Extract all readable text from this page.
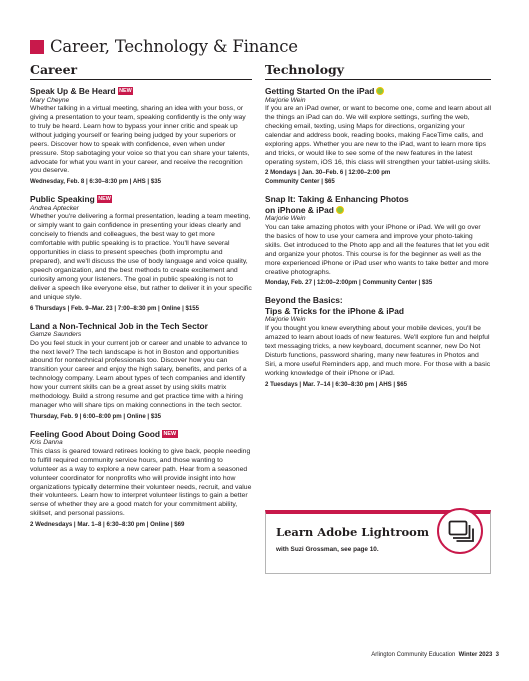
Career, Technology & Finance
Career
Speak Up & Be Heard NEW
Mary Cheyne
Whether talking in a virtual meeting, sharing an idea with your boss, or giving a presentation to your team, speaking confidently is the only way to truly be heard. Learn how to bypass your inner critic and speak up without judging yourself or fearing being judged by your superiors or peers. Discover how to speak with confidence, even when under pressure. Stop sabotaging your voice so that you can share your talents, advocate for what you want in your career, and receive the recognition you deserve.
Wednesday, Feb. 8 | 6:30–8:30 pm | AHS | $35
Public Speaking NEW
Andrea Aptecker
Whether you're delivering a formal presentation, leading a team meeting, or simply want to gain confidence in presenting your ideas clearly and concisely to friends and colleagues, the best way to get more comfortable with public speaking is to practice. You'll have several opportunities in class to present speeches (both impromptu and prepared), and we'll discuss the use of body language and voice quality, speech organization, and the best methods to create excitement and curiosity among your listeners. The goal in public speaking is not to deliver a speech like everyone else, but rather to deliver it in your specific and unique style.
6 Thursdays | Feb. 9–Mar. 23 | 7:00–8:30 pm | Online | $155
Land a Non-Technical Job in the Tech Sector
Gamze Saunders
Do you feel stuck in your current job or career and unable to advance to the next level? The tech landscape is hot in Boston and opportunities abound for nontechnical professionals too. Discover how you can transition your career and enjoy the high salary, benefits, and perks of a technology company. Learn about types of tech companies and identify how your current skills can be a great asset by using skills matrix methodology. Build a strong resume and get practice time with a hiring manager who will share tips on making connections in the tech sector.
Thursday, Feb. 9 | 6:00–8:00 pm | Online | $35
Feeling Good About Doing Good NEW
Kris Danna
This class is geared toward retirees looking to give back, people needing to fulfill required community service hours, and those wanting to volunteer as a way to explore a new career path. Hear from a seasoned volunteer coordinator for nonprofits who will provide insight into how organizations typically determine their volunteer needs, recruit, and value their volunteers. Learn how to interpret volunteer listings to gain a better sense of whether they are a good match for your commitment ability, skillset, and personal passions.
2 Wednesdays | Mar. 1–8 | 6:30–8:30 pm | Online | $69
Technology
Getting Started On the iPad
Marjorie Wein
If you are an iPad owner, or want to become one, come and learn about all the things an iPad can do. We will explore settings, surfing the web, checking email, texting, using Maps for directions, organizing your calendar and address book, reading books, making FaceTime calls, and exploring apps. Whether you are new to the iPad, want to learn more tips and tricks, or would like to see some of the new features in the latest operating system, iOS 16, this class will strengthen your tablet-using skills.
2 Mondays | Jan. 30–Feb. 6 | 12:00–2:00 pm
Community Center | $65
Snap It: Taking & Enhancing Photos
on iPhone & iPad
Marjorie Wein
You can take amazing photos with your iPhone or iPad. We will go over the basics of how to use your camera and improve your photo-taking skills. Get introduced to the Photo app and all the features that let you edit and organize your photos. This course is for the beginner as well as the more experienced iPhone or iPad user who wants to take better and more creative photographs.
Monday, Feb. 27 | 12:00–2:00pm | Community Center | $35
Beyond the Basics:
Tips & Tricks for the iPhone & iPad
Marjorie Wein
If you thought you knew everything about your mobile devices, you'll be amazed to learn about loads of new features. We'll explore fun and helpful text messaging tricks, a new keyboard, document scanner, new Do Not Disturb functions, password sharing, many new features in Photos and Siri, a more useful Reminders app, and much more. For those with a basic working knowledge of their iPhone or iPad.
2 Tuesdays | Mar. 7–14 | 6:30–8:30 pm | AHS | $65
Learn Adobe Lightroom
with Suzi Grossman, see page 10.
Arlington Community Education Winter 2023 3
